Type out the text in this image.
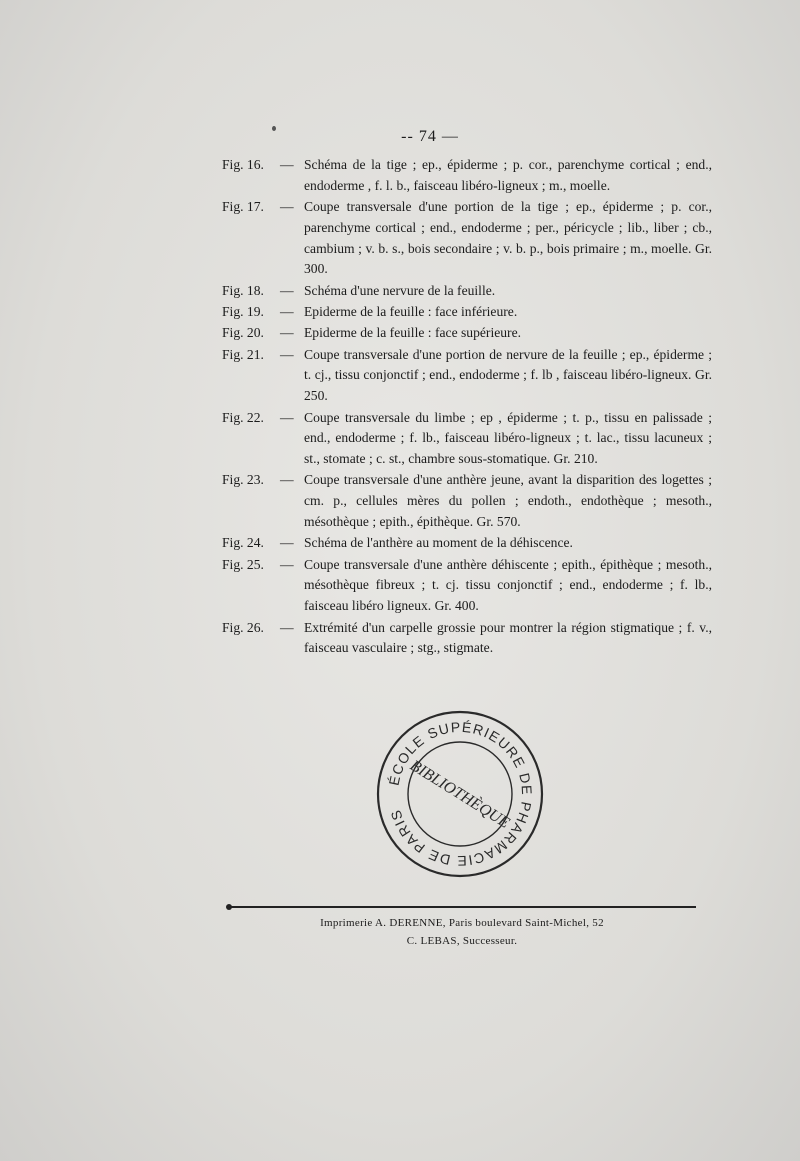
-- 74 —
Fig. 16.	— Schéma de la tige ; ep., épiderme ; p. cor., parenchyme cortical ; end., endoderme , f. l. b., faisceau libéro-ligneux ; m., moelle.
Fig. 17.	— Coupe transversale d'une portion de la tige ; ep., épiderme ; p. cor., parenchyme cortical ; end., endoderme ; per., péricycle ; lib., liber ; cb., cambium ; v. b. s., bois secondaire ; v. b. p., bois primaire ; m., moelle. Gr. 300.
Fig. 18.	— Schéma d'une nervure de la feuille.
Fig. 19.	— Epiderme de la feuille : face inférieure.
Fig. 20.	— Epiderme de la feuille : face supérieure.
Fig. 21.	— Coupe transversale d'une portion de nervure de la feuille ; ep., épiderme ; t. cj., tissu conjonctif ; end., endoderme ; f. lb , faisceau libéro-ligneux. Gr. 250.
Fig. 22.	— Coupe transversale du limbe ; ep , épiderme ; t. p., tissu en palissade ; end., endoderme ; f. lb., faisceau libéro-ligneux ; t. lac., tissu lacuneux ; st., stomate ; c. st., chambre sous-stomatique. Gr. 210.
Fig. 23.	— Coupe transversale d'une anthère jeune, avant la disparition des logettes ; cm. p., cellules mères du pollen ; endoth., endothèque ; mesoth., mésothèque ; epith., épithèque. Gr. 570.
Fig. 24.	— Schéma de l'anthère au moment de la déhiscence.
Fig. 25.	— Coupe transversale d'une anthère déhiscente ; epith., épithèque ; mesoth., mésothèque fibreux ; t. cj. tissu conjonctif ; end., endoderme ; f. lb., faisceau libéro ligneux. Gr. 400.
Fig. 26.	— Extrémité d'un carpelle grossie pour montrer la région stigmatique ; f. v., faisceau vasculaire ; stg., stigmate.
ÉCOLE SUPÉRIEURE DE PHARMACIE DE PARIS BIBLIOTHÈQUE
Imprimerie A. DERENNE, Paris boulevard Saint-Michel, 52
C. LEBAS, Successeur.
